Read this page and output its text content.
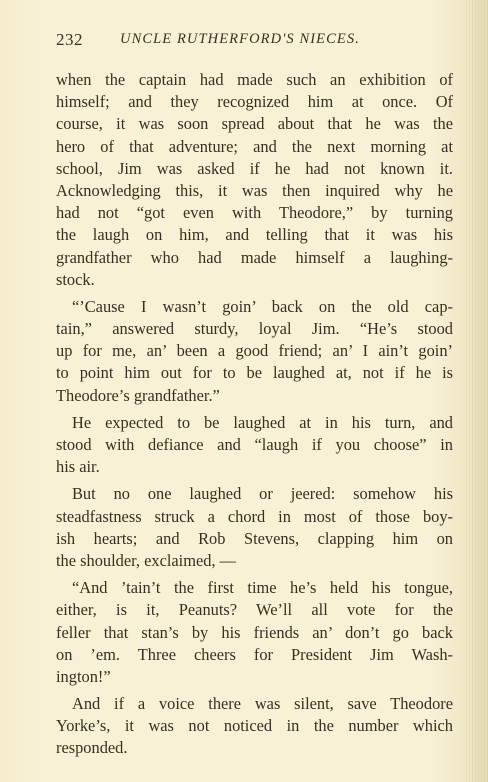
232	UNCLE RUTHERFORD'S NIECES.
when the captain had made such an exhibition of
himself; and they recognized him at once. Of
course, it was soon spread about that he was the
hero of that adventure; and the next morning at
school, Jim was asked if he had not known it.
Acknowledging this, it was then inquired why he
had not “got even with Theodore,” by turning
the laugh on him, and telling that it was his
grandfather who had made himself a laughing-
stock.
“’Cause I wasn’t goin’ back on the old cap-
tain,” answered sturdy, loyal Jim. “He’s stood
up for me, an’ been a good friend; an’ I ain’t goin’
to point him out for to be laughed at, not if he is
Theodore’s grandfather.”
He expected to be laughed at in his turn, and
stood with defiance and “laugh if you choose” in
his air.
But no one laughed or jeered: somehow his
steadfastness struck a chord in most of those boy-
ish hearts; and Rob Stevens, clapping him on
the shoulder, exclaimed, —
“And ’tain’t the first time he’s held his tongue,
either, is it, Peanuts? We’ll all vote for the
feller that stan’s by his friends an’ don’t go back
on ’em. Three cheers for President Jim Wash-
ington!”
And if a voice there was silent, save Theodore
Yorke’s, it was not noticed in the number which
responded.
